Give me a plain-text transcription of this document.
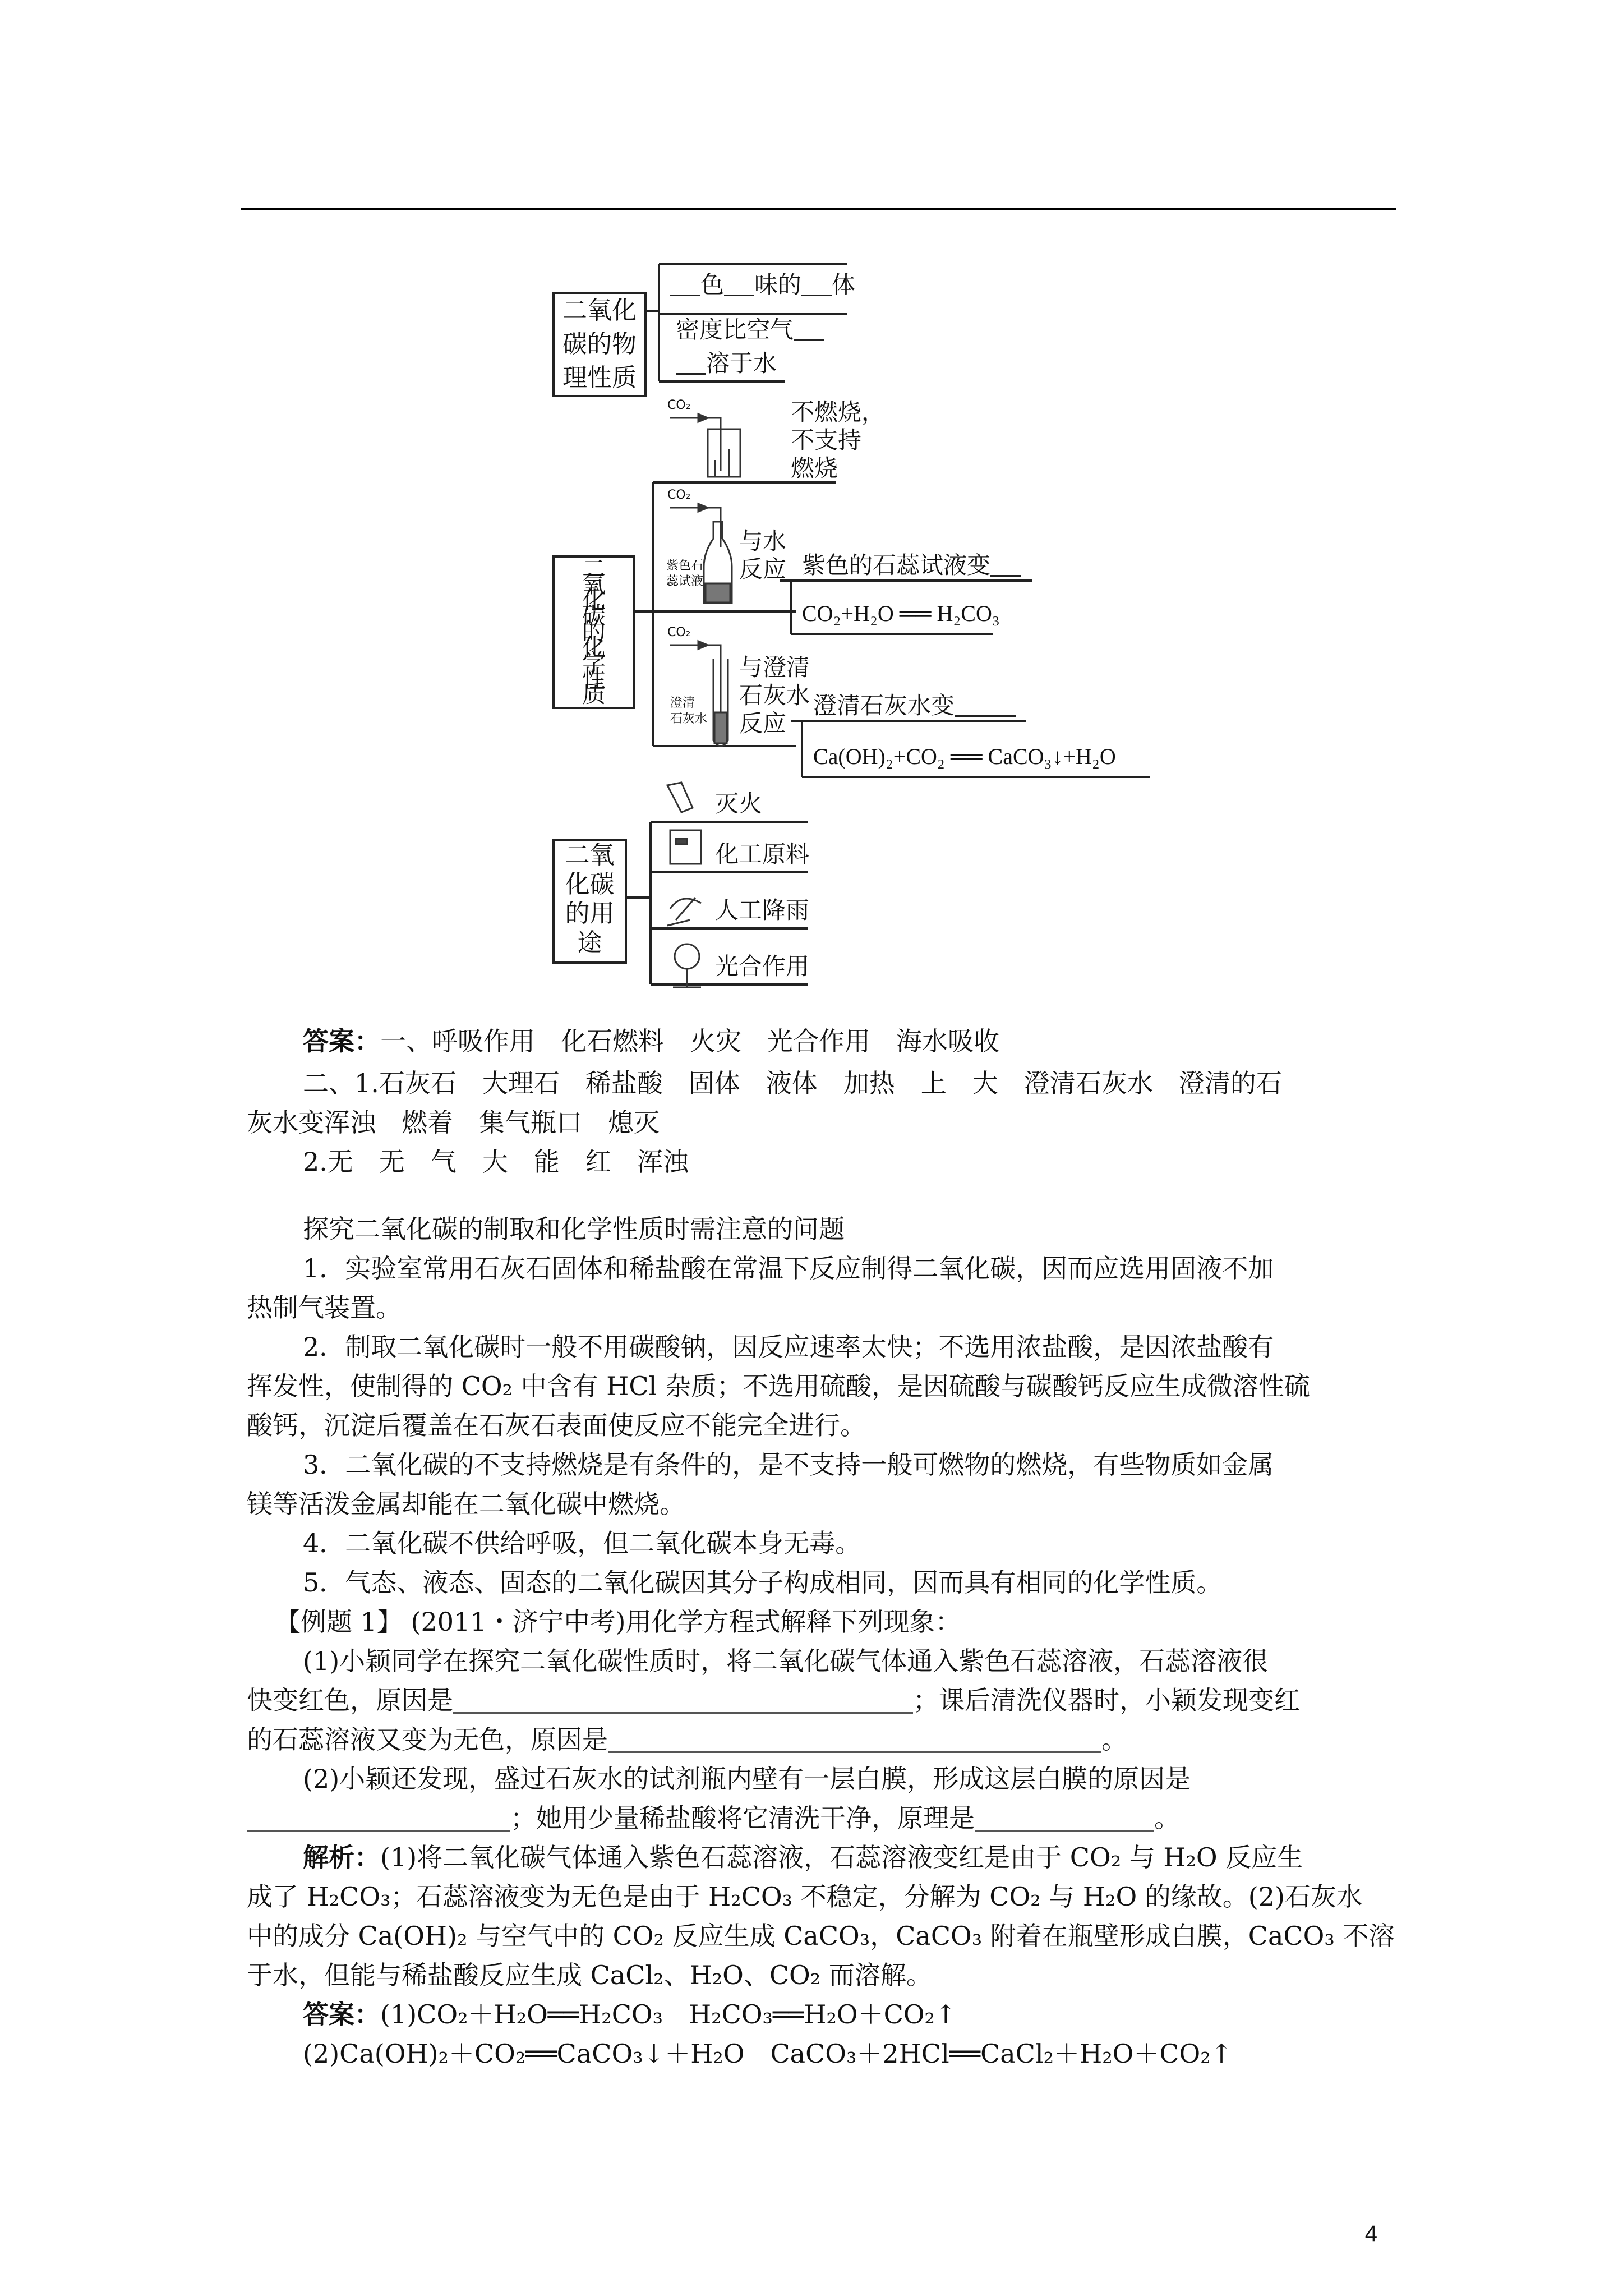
二氧化
碳的物
理性质
色 味的 体
密度比空气
溶于水
二
氧
化
碳
的
化
学
性
质
CO₂	不燃烧，
不支持
燃烧
CO₂
紫色石
蕊试液
与水
反应 紫色的石蕊试液变
CO₂+H₂O ══ H₂CO₃
CO₂
澄清
石灰水
与澄清
石灰水
反应
澄清石灰水变
Ca(OH)₂+CO₂ ══ CaCO₃↓+H₂O
二氧
化碳
的用
途
灭火
化工原料
人工降雨
光合作用
答案：一、呼吸作用　化石燃料　火灾　光合作用　海水吸收
二、1.石灰石　大理石　稀盐酸　固体　液体　加热　上　大　澄清石灰水　澄清的石
灰水变浑浊　燃着　集气瓶口　熄灭
2.无　无　气　大　能　红　浑浊
探究二氧化碳的制取和化学性质时需注意的问题
1．实验室常用石灰石固体和稀盐酸在常温下反应制得二氧化碳，因而应选用固液不加
热制气装置。
2．制取二氧化碳时一般不用碳酸钠，因反应速率太快；不选用浓盐酸，是因浓盐酸有
挥发性，使制得的 CO₂ 中含有 HCl 杂质；不选用硫酸，是因硫酸与碳酸钙反应生成微溶性硫
酸钙，沉淀后覆盖在石灰石表面使反应不能完全进行。
3．二氧化碳的不支持燃烧是有条件的，是不支持一般可燃物的燃烧，有些物质如金属
镁等活泼金属却能在二氧化碳中燃烧。
4．二氧化碳不供给呼吸，但二氧化碳本身无毒。
5．气态、液态、固态的二氧化碳因其分子构成相同，因而具有相同的化学性质。
【例题 1】 (2011・济宁中考)用化学方程式解释下列现象：
(1)小颖同学在探究二氧化碳性质时，将二氧化碳气体通入紫色石蕊溶液，石蕊溶液很
快变红色，原因是	；课后清洗仪器时，小颖发现变红
的石蕊溶液又变为无色，原因是	。
(2)小颖还发现，盛过石灰水的试剂瓶内壁有一层白膜，形成这层白膜的原因是
；她用少量稀盐酸将它清洗干净，原理是	。
解析：(1)将二氧化碳气体通入紫色石蕊溶液，石蕊溶液变红是由于 CO₂ 与 H₂O 反应生
成了 H₂CO₃；石蕊溶液变为无色是由于 H₂CO₃ 不稳定，分解为 CO₂ 与 H₂O 的缘故。(2)石灰水
中的成分 Ca(OH)₂ 与空气中的 CO₂ 反应生成 CaCO₃，CaCO₃ 附着在瓶壁形成白膜，CaCO₃ 不溶
于水，但能与稀盐酸反应生成 CaCl₂、H₂O、CO₂ 而溶解。
答案：(1)CO₂＋H₂O══H₂CO₃　H₂CO₃══H₂O＋CO₂↑
(2)Ca(OH)₂＋CO₂══CaCO₃↓＋H₂O　CaCO₃＋2HCl══CaCl₂＋H₂O＋CO₂↑
4
